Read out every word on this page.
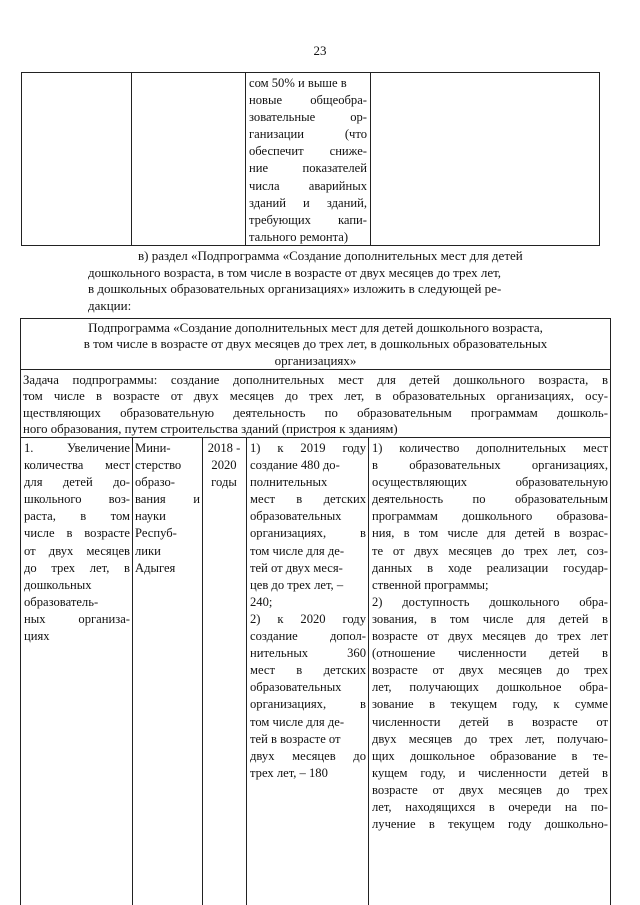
23
сом 50% и выше в
новые общеобра-
зовательные ор-
ганизации (что
обеспечит сниже-
ние показателей
числа аварийных
зданий и зданий,
требующих капи-
тального ремонта)
в) раздел «Подпрограмма «Создание дополнительных мест для детей
дошкольного возраста, в том числе в возрасте от двух месяцев до трех лет,
в дошкольных образовательных организациях» изложить в следующей ре-
дакции:
Подпрограмма «Создание дополнительных мест для детей дошкольного возраста,
в том числе в возрасте от двух месяцев до трех лет, в дошкольных образовательных
организациях»
Задача подпрограммы: создание дополнительных мест для детей дошкольного возраста, в
том числе в возрасте от двух месяцев до трех лет, в образовательных организациях, осу-
ществляющих образовательную деятельность по образовательным программам дошколь-
ного образования, путем строительства зданий (пристроя к зданиям)
1. Увеличение
количества мест
для детей до-
школьного воз-
раста, в том
числе в возрасте
от двух месяцев
до трех лет, в
дошкольных
образователь-
ных организа-
циях
Мини-
стерство
образо-
вания и
науки
Респуб-
лики
Адыгея
2018 -
2020
годы
1) к 2019 году
создание 480 до-
полнительных
мест в детских
образовательных
организациях, в
том числе для де-
тей от двух меся-
цев до трех лет, –
240;
2) к 2020 году
создание допол-
нительных 360
мест в детских
образовательных
организациях, в
том числе для де-
тей в возрасте от
двух месяцев до
трех лет, – 180
1) количество дополнительных мест
в образовательных организациях,
осуществляющих образовательную
деятельность по образовательным
программам дошкольного образова-
ния, в том числе для детей в возрас-
те от двух месяцев до трех лет, соз-
данных в ходе реализации государ-
ственной программы;
2) доступность дошкольного обра-
зования, в том числе для детей в
возрасте от двух месяцев до трех лет
(отношение численности детей в
возрасте от двух месяцев до трех
лет, получающих дошкольное обра-
зование в текущем году, к сумме
численности детей в возрасте от
двух месяцев до трех лет, получаю-
щих дошкольное образование в те-
кущем году, и численности детей в
возрасте от двух месяцев до трех
лет, находящихся в очереди на по-
лучение в текущем году дошкольно-
